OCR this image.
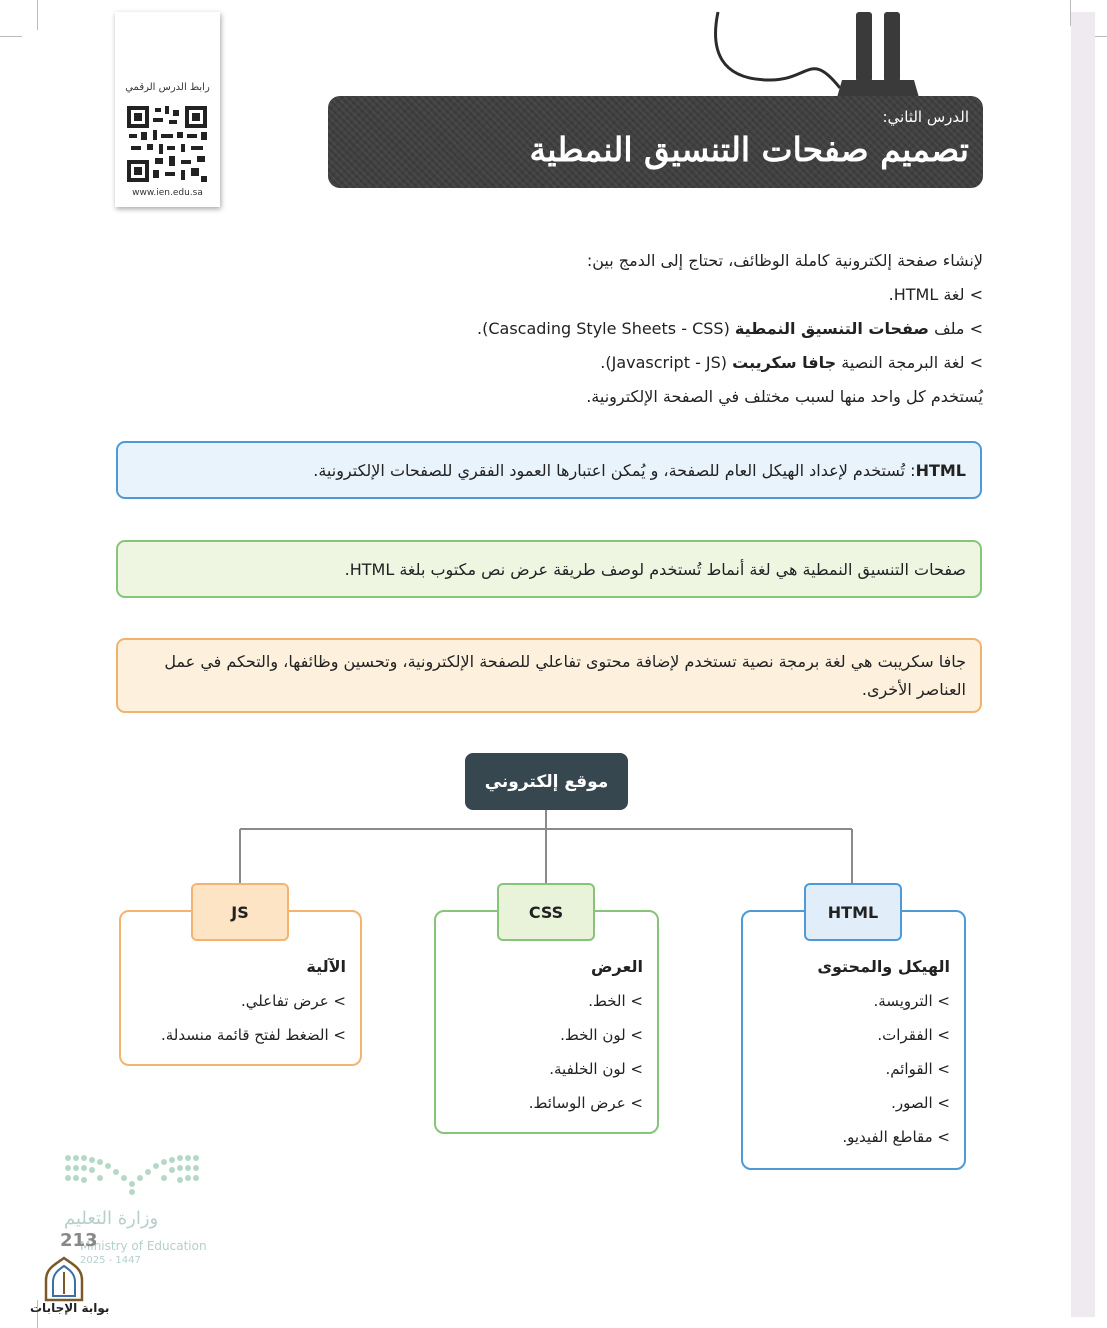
رابط الدرس الرقمي
www.ien.edu.sa
الدرس الثاني:
تصميم صفحات التنسيق النمطية

لإنشاء صفحة إلكترونية كاملة الوظائف، تحتاج إلى الدمج بين:

> لغة HTML.

> ملف صفحات التنسيق النمطية (Cascading Style Sheets - CSS).

> لغة البرمجة النصية جافا سكريبت (Javascript - JS).

يُستخدم كل واحد منها لسبب مختلف في الصفحة الإلكترونية.

HTML: تُستخدم لإعداد الهيكل العام للصفحة، و يُمكن اعتبارها العمود الفقري للصفحات الإلكترونية.
صفحات التنسيق النمطية هي لغة أنماط تُستخدم لوصف طريقة عرض نص مكتوب بلغة HTML.
جافا سكريبت هي لغة برمجة نصية تستخدم لإضافة محتوى تفاعلي للصفحة الإلكترونية، وتحسين وظائفها، والتحكم في عمل العناصر الأخرى.
موقع إلكتروني
الآلية
> عرض تفاعلي.
> الضغط لفتح قائمة منسدلة.
JS
العرض
> الخط.
> لون الخط.
> لون الخلفية.
> عرض الوسائط.
CSS
الهيكل والمحتوى
> الترويسة.
> الفقرات.
> القوائم.
> الصور.
> مقاطع الفيديو.
HTML
وزارة التعليم
Ministry of Education
2025 - 1447
213
بوابة الإجابات
